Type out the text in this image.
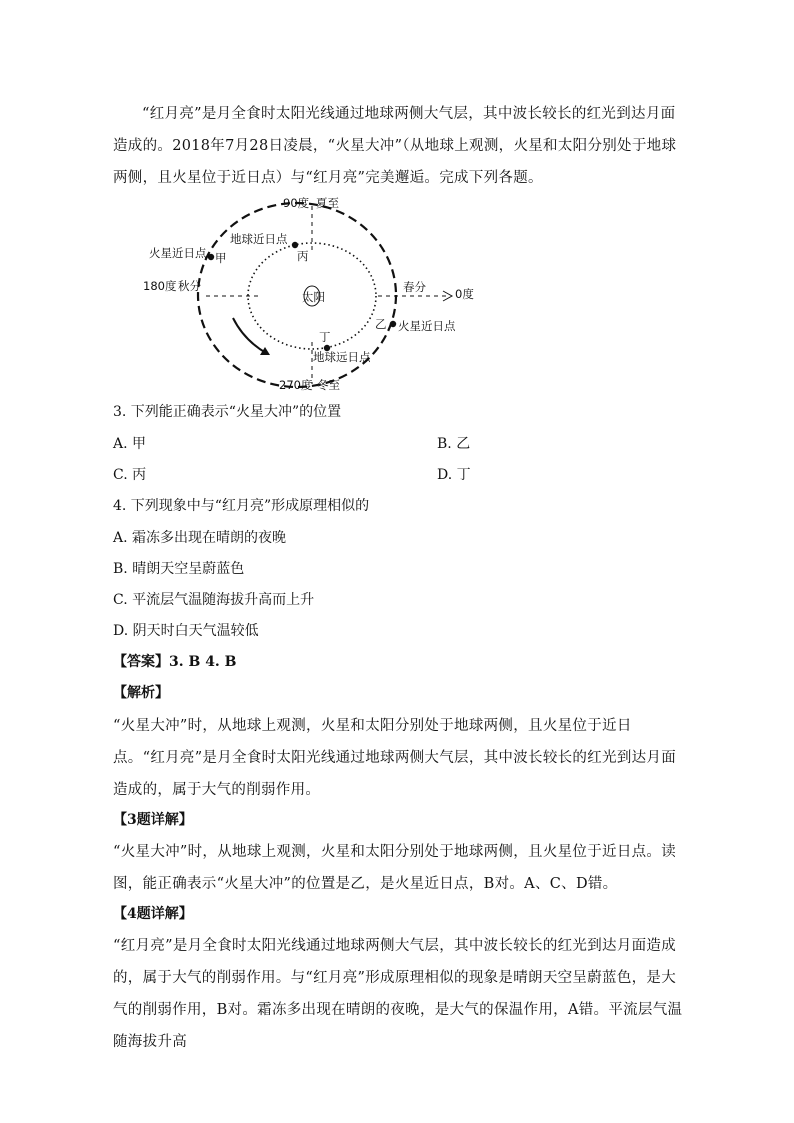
“红月亮”是月全食时太阳光线通过地球两侧大气层，其中波长较长的红光到达月面造成的。2018年7月28日凌晨，“火星大冲”（从地球上观测，火星和太阳分别处于地球两侧，且火星位于近日点）与“红月亮”完美邂逅。完成下列各题。

90度 夏至
地球近日点
火星近日点 甲	丙
180度 秋分
太阳
春分	0度
乙 火星近日点
丁
地球远日点
270度 冬至

3. 下列能正确表示“火星大冲”的位置

A. 甲	B. 乙

C. 丙	D. 丁

4. 下列现象中与“红月亮”形成原理相似的

A. 霜冻多出现在晴朗的夜晚

B. 晴朗天空呈蔚蓝色

C. 平流层气温随海拔升高而上升

D. 阴天时白天气温较低

【答案】3. B 4. B

【解析】

“火星大冲”时，从地球上观测，火星和太阳分别处于地球两侧，且火星位于近日点。“红月亮”是月全食时太阳光线通过地球两侧大气层，其中波长较长的红光到达月面造成的，属于大气的削弱作用。

【3题详解】

“火星大冲”时，从地球上观测，火星和太阳分别处于地球两侧，且火星位于近日点。读图，能正确表示“火星大冲”的位置是乙，是火星近日点，B对。A、C、D错。

【4题详解】

“红月亮”是月全食时太阳光线通过地球两侧大气层，其中波长较长的红光到达月面造成的，属于大气的削弱作用。与“红月亮”形成原理相似的现象是晴朗天空呈蔚蓝色，是大气的削弱作用，B对。霜冻多出现在晴朗的夜晚，是大气的保温作用，A错。平流层气温随海拔升高
